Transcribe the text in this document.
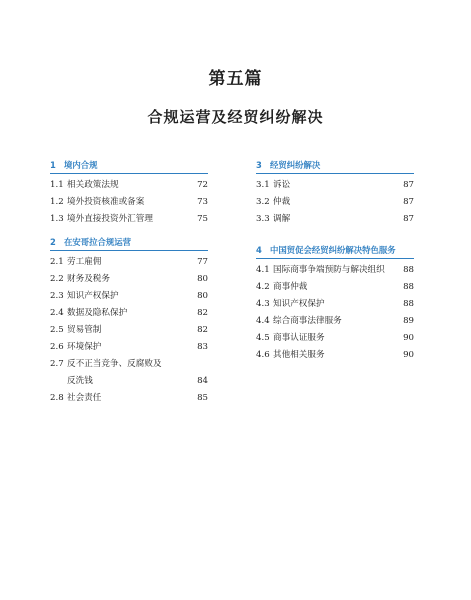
第五篇
合规运营及经贸纠纷解决
1 境内合规
1.1 相关政策法规	72
1.2 境外投资核准或备案	73
1.3 境外直接投资外汇管理	75
2 在安哥拉合规运营
2.1 劳工雇佣	77
2.2 财务及税务	80
2.3 知识产权保护	80
2.4 数据及隐私保护	82
2.5 贸易管制	82
2.6 环境保护	83
2.7 反不正当竞争、反腐败及
反洗钱	84
2.8 社会责任	85
3 经贸纠纷解决
3.1 诉讼	87
3.2 仲裁	87
3.3 调解	87
4 中国贸促会经贸纠纷解决特色服务
4.1 国际商事争端预防与解决组织 88
4.2 商事仲裁	88
4.3 知识产权保护	88
4.4 综合商事法律服务	89
4.5 商事认证服务	90
4.6 其他相关服务	90
